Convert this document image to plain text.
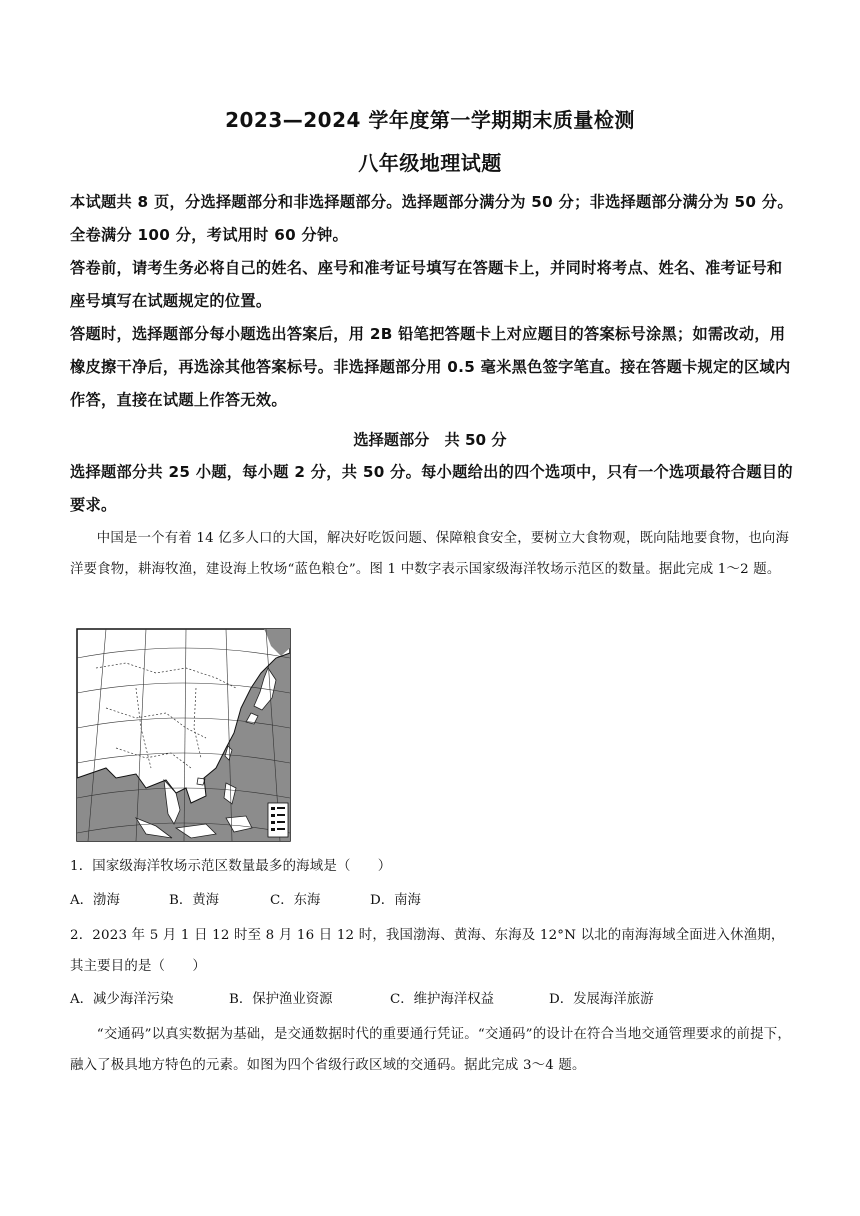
2023—2024 学年度第一学期期末质量检测
八年级地理试题
本试题共 8 页，分选择题部分和非选择题部分。选择题部分满分为 50 分；非选择题部分满分为 50 分。全卷满分 100 分，考试用时 60 分钟。
答卷前，请考生务必将自己的姓名、座号和准考证号填写在答题卡上，并同时将考点、姓名、准考证号和座号填写在试题规定的位置。
答题时，选择题部分每小题选出答案后，用 2B 铅笔把答题卡上对应题目的答案标号涂黑；如需改动，用橡皮擦干净后，再选涂其他答案标号。非选择题部分用 0.5 毫米黑色签字笔直。接在答题卡规定的区域内作答，直接在试题上作答无效。
选择题部分　共 50 分
选择题部分共 25 小题，每小题 2 分，共 50 分。每小题给出的四个选项中，只有一个选项最符合题目的要求。
中国是一个有着 14 亿多人口的大国，解决好吃饭问题、保障粮食安全，要树立大食物观，既向陆地要食物，也向海洋要食物，耕海牧渔，建设海上牧场“蓝色粮仓”。图 1 中数字表示国家级海洋牧场示范区的数量。据此完成 1～2 题。
1．国家级海洋牧场示范区数量最多的海域是（　　）
A．渤海	B．黄海	C．东海	D．南海
2．2023 年 5 月 1 日 12 时至 8 月 16 日 12 时，我国渤海、黄海、东海及 12°N 以北的南海海域全面进入休渔期，其主要目的是（　　）
A．减少海洋污染	B．保护渔业资源	C．维护海洋权益	D．发展海洋旅游
“交通码”以真实数据为基础，是交通数据时代的重要通行凭证。“交通码”的设计在符合当地交通管理要求的前提下，融入了极具地方特色的元素。如图为四个省级行政区域的交通码。据此完成 3～4 题。
